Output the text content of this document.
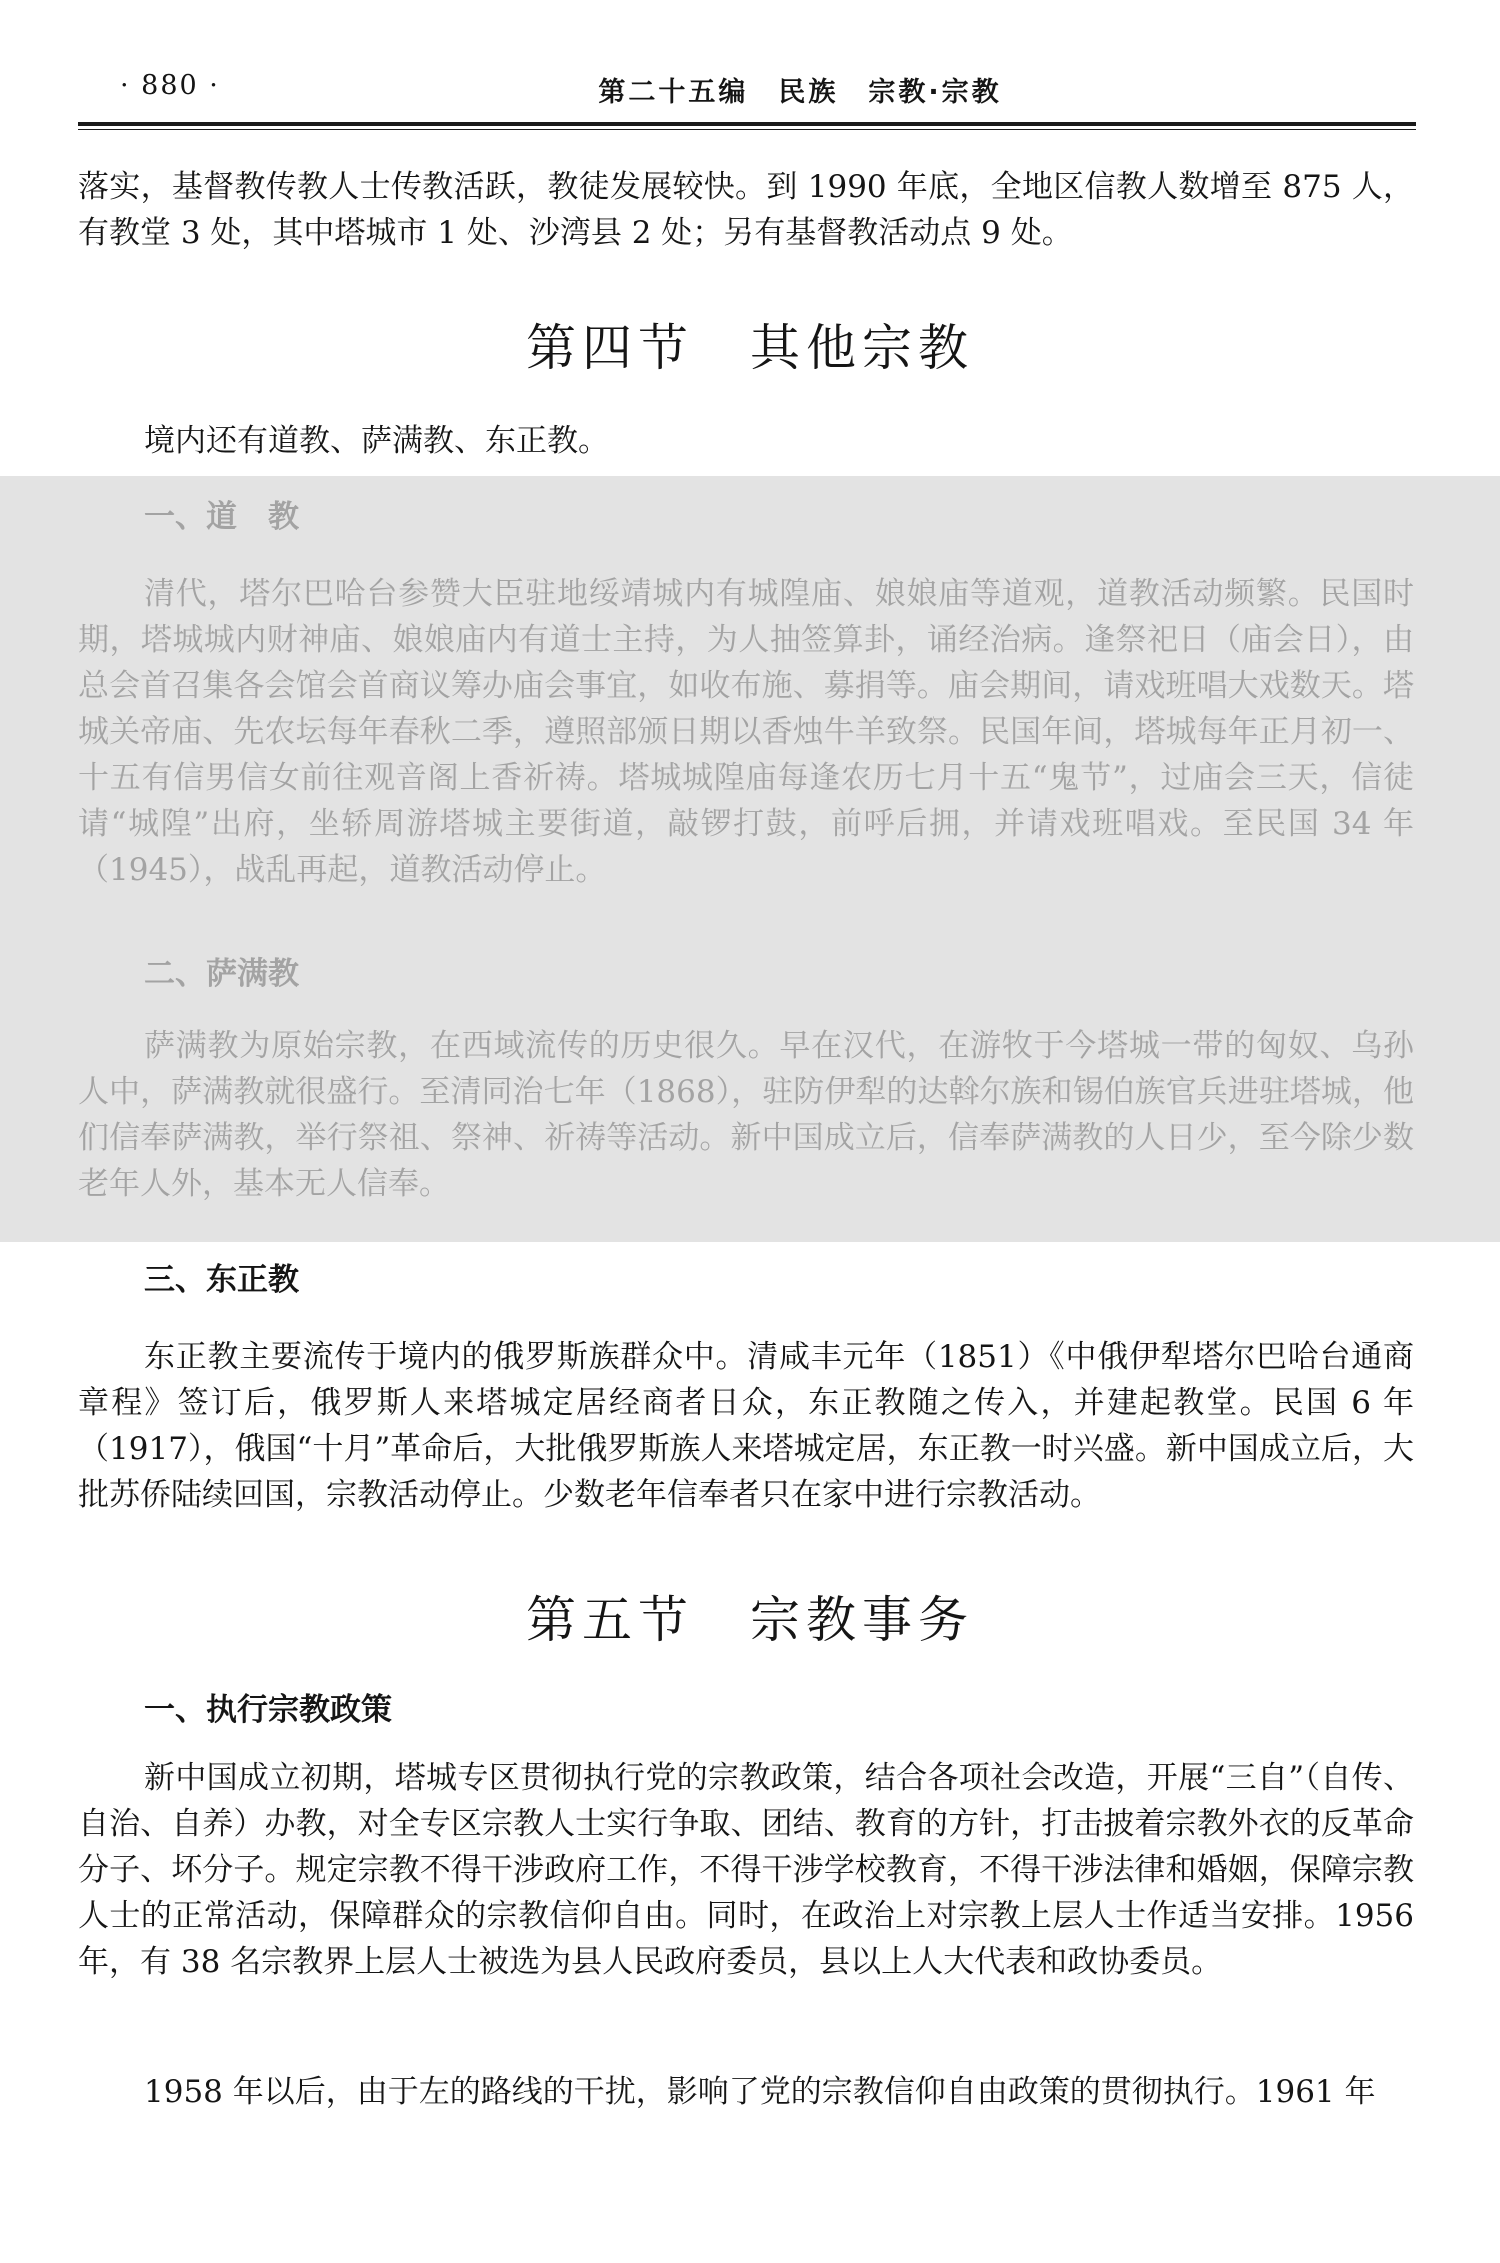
· 880 ·	第二十五编　民族　宗教·宗教

落实，基督教传教人士传教活跃，教徒发展较快。到 1990 年底，全地区信教人数增至 875 人，有教堂 3 处，其中塔城市 1 处、沙湾县 2 处；另有基督教活动点 9 处。

第四节　其他宗教

境内还有道教、萨满教、东正教。

一、道　教

清代，塔尔巴哈台参赞大臣驻地绥靖城内有城隍庙、娘娘庙等道观，道教活动频繁。民国时期，塔城城内财神庙、娘娘庙内有道士主持，为人抽签算卦，诵经治病。逢祭祀日（庙会日），由总会首召集各会馆会首商议筹办庙会事宜，如收布施、募捐等。庙会期间，请戏班唱大戏数天。塔城关帝庙、先农坛每年春秋二季，遵照部颁日期以香烛牛羊致祭。民国年间，塔城每年正月初一、十五有信男信女前往观音阁上香祈祷。塔城城隍庙每逢农历七月十五“鬼节”，过庙会三天，信徒请“城隍”出府，坐轿周游塔城主要街道，敲锣打鼓，前呼后拥，并请戏班唱戏。至民国 34 年（1945），战乱再起，道教活动停止。

二、萨满教

萨满教为原始宗教，在西域流传的历史很久。早在汉代，在游牧于今塔城一带的匈奴、乌孙人中，萨满教就很盛行。至清同治七年（1868），驻防伊犁的达斡尔族和锡伯族官兵进驻塔城，他们信奉萨满教，举行祭祖、祭神、祈祷等活动。新中国成立后，信奉萨满教的人日少，至今除少数老年人外，基本无人信奉。

三、东正教

东正教主要流传于境内的俄罗斯族群众中。清咸丰元年（1851）《中俄伊犁塔尔巴哈台通商章程》签订后，俄罗斯人来塔城定居经商者日众，东正教随之传入，并建起教堂。民国 6 年（1917），俄国“十月”革命后，大批俄罗斯族人来塔城定居，东正教一时兴盛。新中国成立后，大批苏侨陆续回国，宗教活动停止。少数老年信奉者只在家中进行宗教活动。

第五节　宗教事务
一、执行宗教政策

新中国成立初期，塔城专区贯彻执行党的宗教政策，结合各项社会改造，开展“三自”（自传、自治、自养）办教，对全专区宗教人士实行争取、团结、教育的方针，打击披着宗教外衣的反革命分子、坏分子。规定宗教不得干涉政府工作，不得干涉学校教育，不得干涉法律和婚姻，保障宗教人士的正常活动，保障群众的宗教信仰自由。同时，在政治上对宗教上层人士作适当安排。1956 年，有 38 名宗教界上层人士被选为县人民政府委员，县以上人大代表和政协委员。

1958 年以后，由于左的路线的干扰，影响了党的宗教信仰自由政策的贯彻执行。1961 年
